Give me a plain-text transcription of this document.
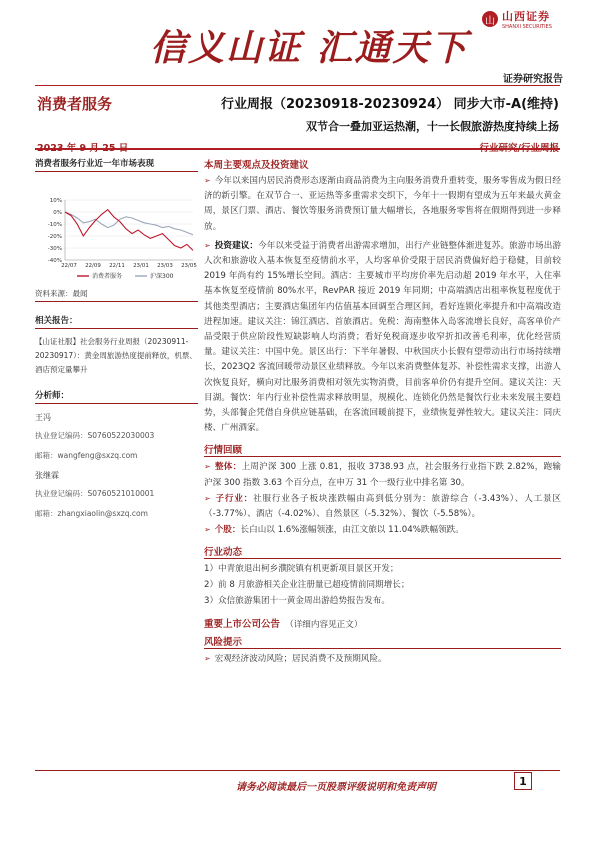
信义山证 汇通天下
山 山西证券
SHANXI SECURITIES
证券研究报告
消费者服务	行业周报（20230918-20230924） 同步大市-A(维持)
双节合一叠加亚运热潮，十一长假旅游热度持续上扬
消费者服务行业近一年市场表现
10%
0%
-10%
-20%
-30%
-40%
22/07 22/09 22/11 23/01 23/03 23/05
消费者服务	沪深300
资料来源：最闻
相关报告：
【山证社服】社会服务行业周报（20230911-20230917）：黄金周旅游热度提前释放，机票、酒店预定量攀升
分析师：
王冯
执业登记编码：S0760522030003
邮箱：wangfeng@sxzq.com
张继霖
执业登记编码：S0760521010001
邮箱：zhangxiaolin@sxzq.com
本周主要观点及投资建议
➢ 今年以来国内居民消费形态逐渐由商品消费为主向服务消费升重转变，服务零售成为假日经济的新引擎。在双节合一、亚运热等多重需求交织下，今年十一假期有望成为五年来最火黄金周，景区门票、酒店、餐饮等服务消费预订量大幅增长，各地服务零售将在假期得到进一步释放。
➢ 投资建议：今年以来受益于消费者出游需求增加，出行产业链整体渐进复苏。旅游市场出游人次和旅游收入基本恢复至疫情前水平，人均客单价受限于居民消费偏好趋于稳健，目前较 2019 年尚有约 15%增长空间。酒店：主要城市平均房价率先启动超 2019 年水平，入住率基本恢复至疫情前 80%水平，RevPAR 接近 2019 年同期；中高端酒店出租率恢复程度优于其他类型酒店；主要酒店集团年内估值基本回调至合理区间，看好连锁化率提升和中高端改造进程加速。建议关注：锦江酒店、首旅酒店。免税：海南整体入岛客流增长良好，高客单价产品受限于供应阶段性短缺影响人均消费；看好免税商逐步收窄折扣改善毛利率，优化经营质量。建议关注：中国中免。景区出行：下半年暑假、中秋国庆小长假有望带动出行市场持续增长，2023Q2 客流回暖带动景区业绩释放。今年以来消费整体复苏、补偿性需求支撑，出游人次恢复良好，横向对比服务消费相对领先实物消费，目前客单价仍有提升空间。建议关注：天目湖。餐饮：年内行业补偿性需求释放明显，规模化、连锁化仍然是餐饮行业未来发展主要趋势，头部餐企凭借自身供应链基础，在客流回暖前提下，业绩恢复弹性较大。建议关注：同庆楼、广州酒家。
行情回顾
➢ 整体：上周沪深 300 上涨 0.81，报收 3738.93 点，社会服务行业指下跌 2.82%，跑输沪深 300 指数 3.63 个百分点，在申万 31 个一级行业中排名第 30。
➢ 子行业：社服行业各子板块涨跌幅由高到低分别为：旅游综合（-3.43%）、人工景区（-3.77%）、酒店（-4.02%）、自然景区（-5.32%）、餐饮（-5.58%）。
➢ 个股：长白山以 1.6%涨幅领涨，由江文旅以 11.04%跌幅领跌。
行业动态
1）中青旅退出柯乡濮院镇有机更新项目景区开发；
2）前 8 月旅游相关企业注册量已超疫情前同期增长；
3）众信旅游集团十一黄金周出游趋势报告发布。
重要上市公司公告 （详细内容见正文）
风险提示
➢ 宏观经济波动风险；居民消费不及预期风险。
请务必阅读最后一页股票评级说明和免责声明	1
